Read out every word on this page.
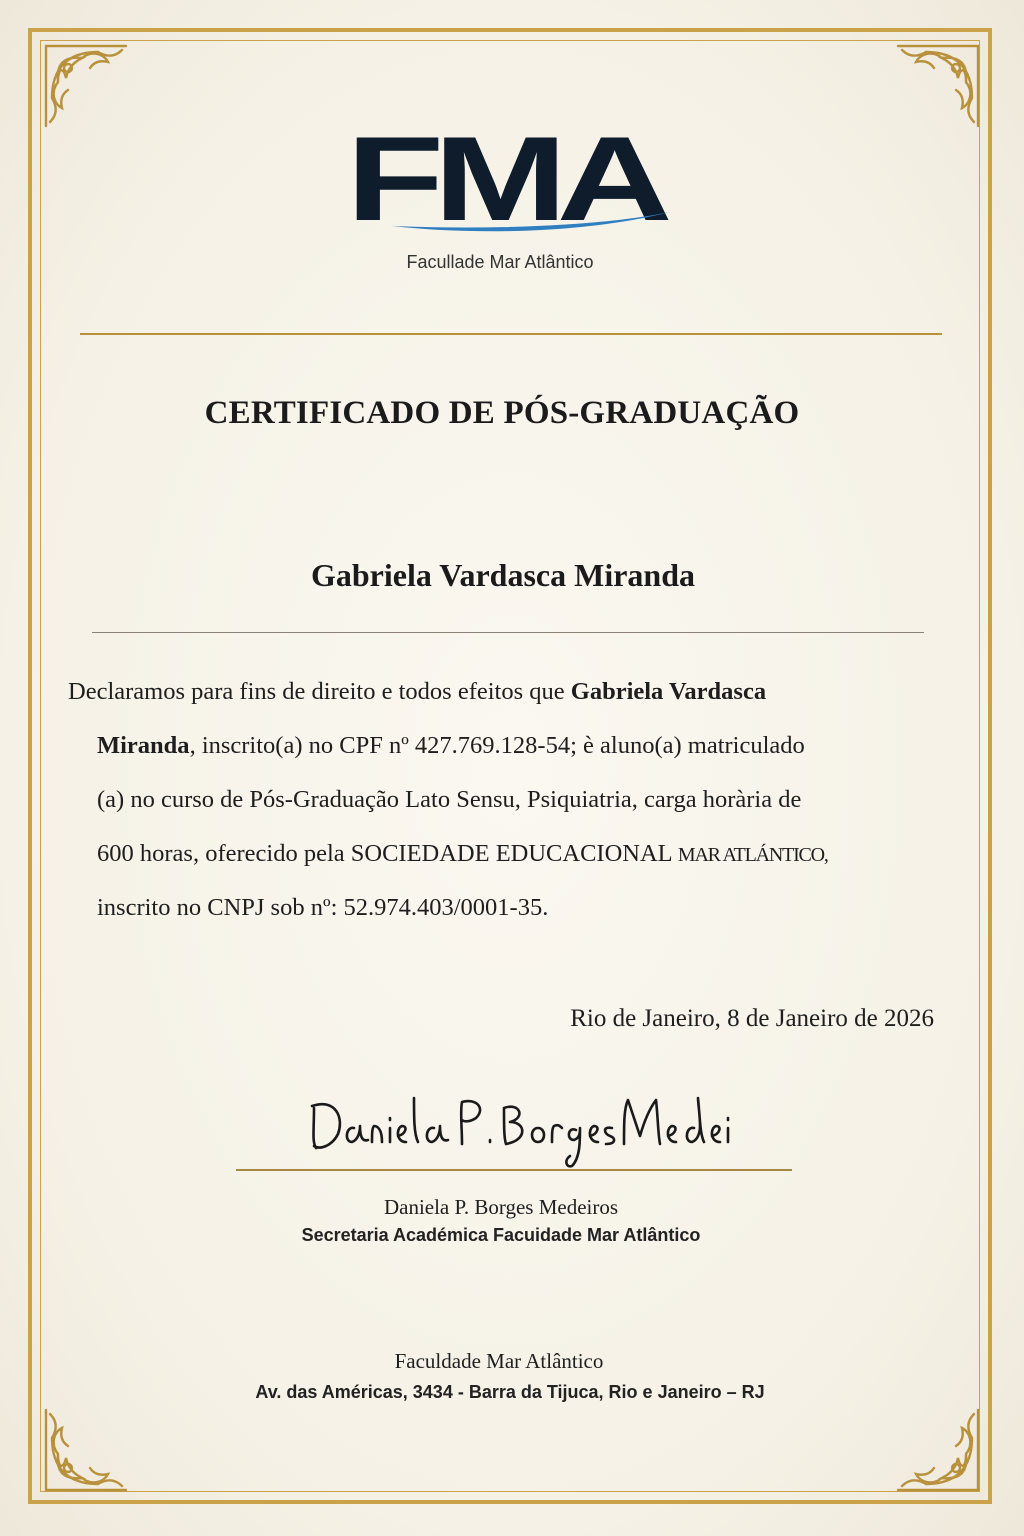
FMA
Facullade Mar Atlântico
CERTIFICADO DE PÓS-GRADUAÇÃO
Gabriela Vardasca Miranda
Declaramos para fins de direito e todos efeitos que Gabriela Vardasca
Miranda, inscrito(a) no CPF nº 427.769.128-54; è aluno(a) matriculado
(a) no curso de Pós-Graduação Lato Sensu, Psiquiatria, carga horària de
600 horas, oferecido pela SOCIEDADE EDUCACIONAL MAR ATLÁNTICO,
inscrito no CNPJ sob nº: 52.974.403/0001-35.
Rio de Janeiro, 8 de Janeiro de 2026
Daniela P. Borges Medeiros
Secretaria Académica Facuidade Mar Atlântico
Faculdade Mar Atlântico
Av. das Américas, 3434 - Barra da Tijuca, Rio e Janeiro – RJ
